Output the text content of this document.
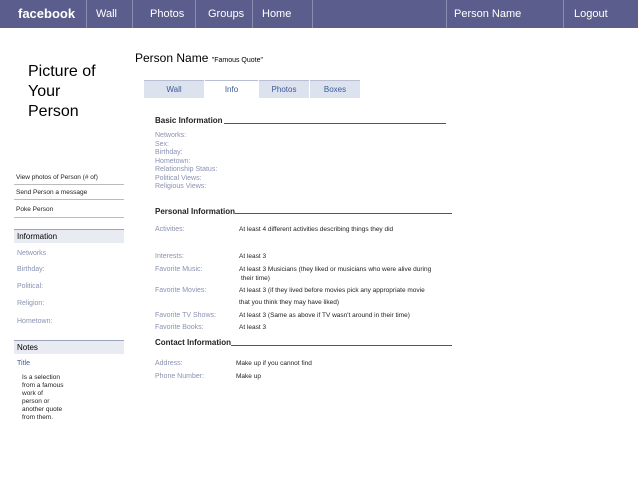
facebook Wall	Photos Groups Home	Person Name	Logout
Picture of
Your
Person
View photos of Person (# of)
Send Person a message
Poke Person
Information
Networks
Birthday:
Political:
Religion:
Hometown:
Notes
Title
Is a selection
from a famous
work of
person or
another quote
from them.
Person Name "Famous Quote"
Wall	Info	Photos	Boxes
Basic Information
Networks:
Sex:
Birthday:
Hometown:
Relationship Status:
Political Views:
Religious Views:
Personal Information
Activities:	At least 4 different activities describing things they did
Interests:	At least 3
Favorite Music:	At least 3 Musicians (they liked or musicians who were alive during
their time)
Favorite Movies:	At least 3 (if they lived before movies pick any appropriate movie
that you think they may have liked)
Favorite TV Shows:	At least 3 (Same as above if TV wasn't around in their time)
Favorite Books:	At least 3
Contact Information
Address:	Make up if you cannot find
Phone Number:	Make up
